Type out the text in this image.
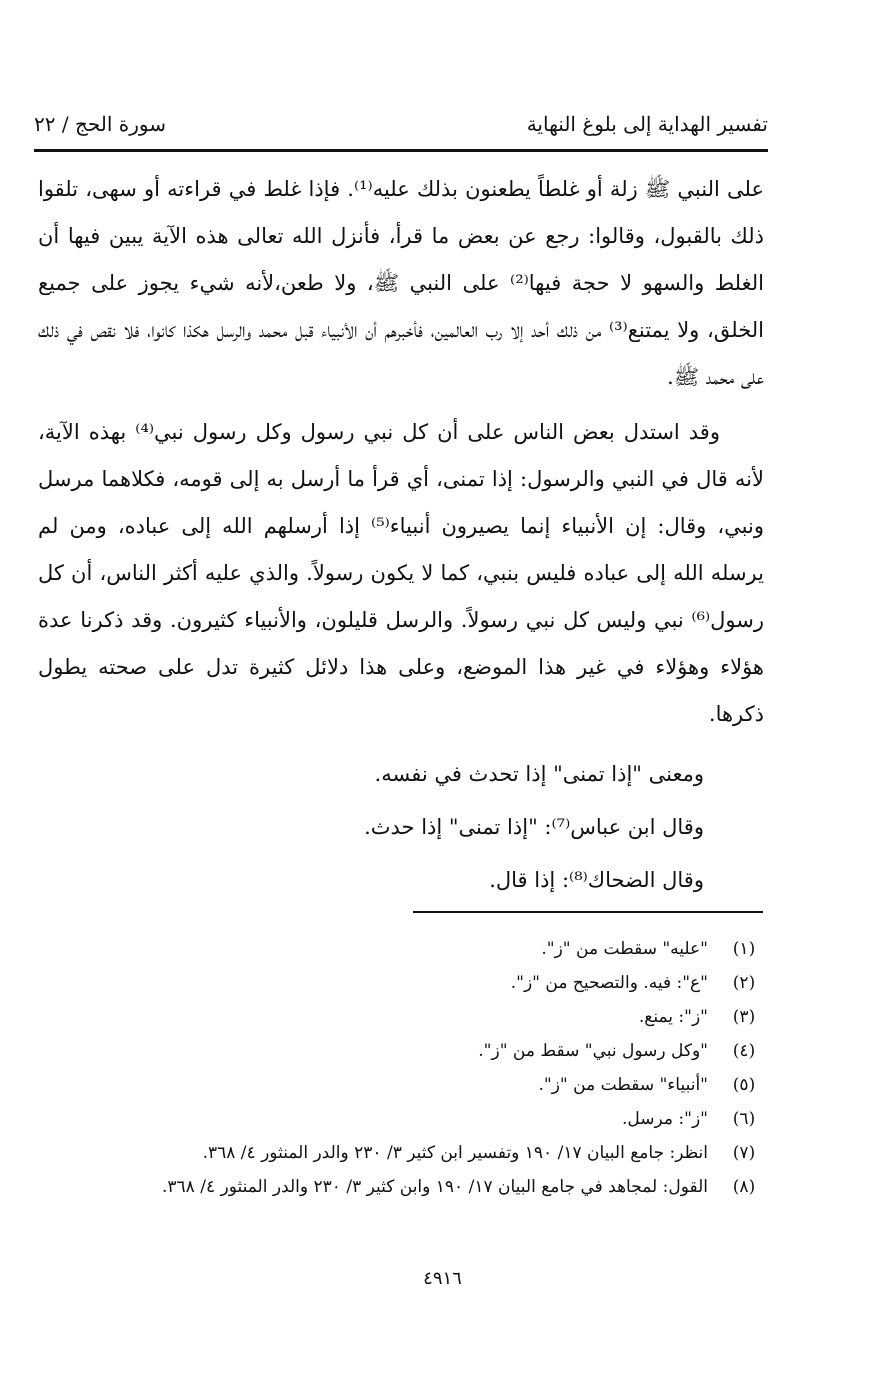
تفسير الهداية إلى بلوغ النهاية
سورة الحج / ٢٢

على النبي ﷺ زلة أو غلطاً يطعنون بذلك عليه⁽¹⁾. فإذا غلط في قراءته أو سهى، تلقوا ذلك بالقبول، وقالوا: رجع عن بعض ما قرأ، فأنزل الله تعالى هذه الآية يبين فيها أن الغلط والسهو لا حجة فيها⁽²⁾ على النبي ﷺ، ولا طعن،لأنه شيء يجوز على جميع الخلق، ولا يمتنع⁽³⁾ من ذلك أحد إلا رب العالمين، فأخبرهم أن الأنبياء قبل محمد والرسل هكذا كانوا، فلا نقص في ذلك على محمد ﷺ.

وقد استدل بعض الناس على أن كل نبي رسول وكل رسول نبي⁽⁴⁾ بهذه الآية، لأنه قال في النبي والرسول: إذا تمنى، أي قرأ ما أرسل به إلى قومه، فكلاهما مرسل ونبي، وقال: إن الأنبياء إنما يصيرون أنبياء⁽⁵⁾ إذا أرسلهم الله إلى عباده، ومن لم يرسله الله إلى عباده فليس بنبي، كما لا يكون رسولاً. والذي عليه أكثر الناس، أن كل رسول⁽⁶⁾ نبي وليس كل نبي رسولاً. والرسل قليلون، والأنبياء كثيرون. وقد ذكرنا عدة هؤلاء وهؤلاء في غير هذا الموضع، وعلى هذا دلائل كثيرة تدل على صحته يطول ذكرها.

ومعنى "إذا تمنى" إذا تحدث في نفسه.

وقال ابن عباس⁽⁷⁾: "إذا تمنى" إذا حدث.

وقال الضحاك⁽⁸⁾: إذا قال.

(١)
"عليه" سقطت من "ز".
(٢)
"ع": فيه. والتصحيح من "ز".
(٣)
"ز": يمنع.
(٤)
"وكل رسول نبي" سقط من "ز".
(٥)
"أنبياء" سقطت من "ز".
(٦)
"ز": مرسل.
(٧)
انظر: جامع البيان ١٧/ ١٩٠ وتفسير ابن كثير ٣/ ٢٣٠ والدر المنثور ٤/ ٣٦٨.
(٨)
القول: لمجاهد في جامع البيان ١٧/ ١٩٠ وابن كثير ٣/ ٢٣٠ والدر المنثور ٤/ ٣٦٨.
٤٩١٦
